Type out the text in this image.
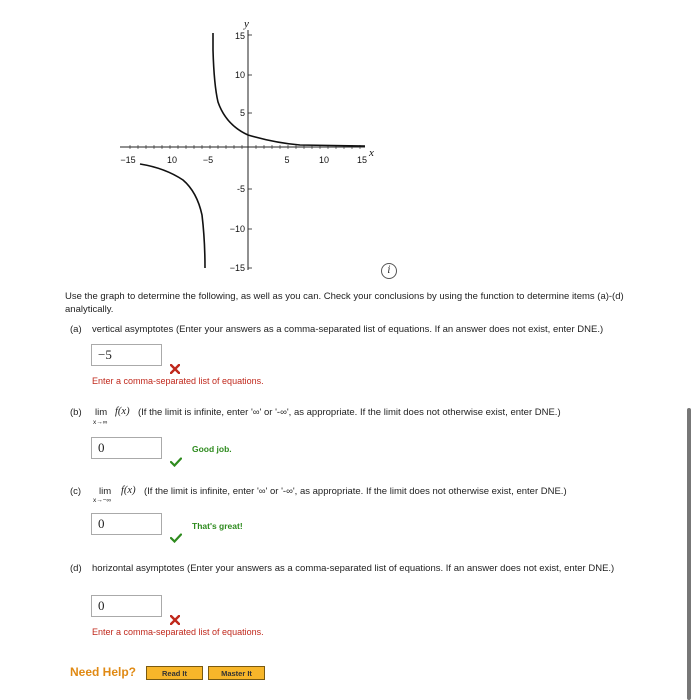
y
x
15
10
5
-5
−10
−15
−15	10	−5	5	10	15
i
Use the graph to determine the following, as well as you can. Check your conclusions by using the function to determine items (a)-(d) analytically.
(a) vertical asymptotes (Enter your answers as a comma-separated list of equations. If an answer does not exist, enter DNE.)
−5
Enter a comma-separated list of equations.
(b) lim
x→∞
f(x) (If the limit is infinite, enter '∞' or '-∞', as appropriate. If the limit does not otherwise exist, enter DNE.)
0	Good job.
(c) lim
x→−∞
f(x) (If the limit is infinite, enter '∞' or '-∞', as appropriate. If the limit does not otherwise exist, enter DNE.)
0	That's great!
(d) horizontal asymptotes (Enter your answers as a comma-separated list of equations. If an answer does not exist, enter DNE.)
0
Enter a comma-separated list of equations.
Need Help?	Read It	Master It
